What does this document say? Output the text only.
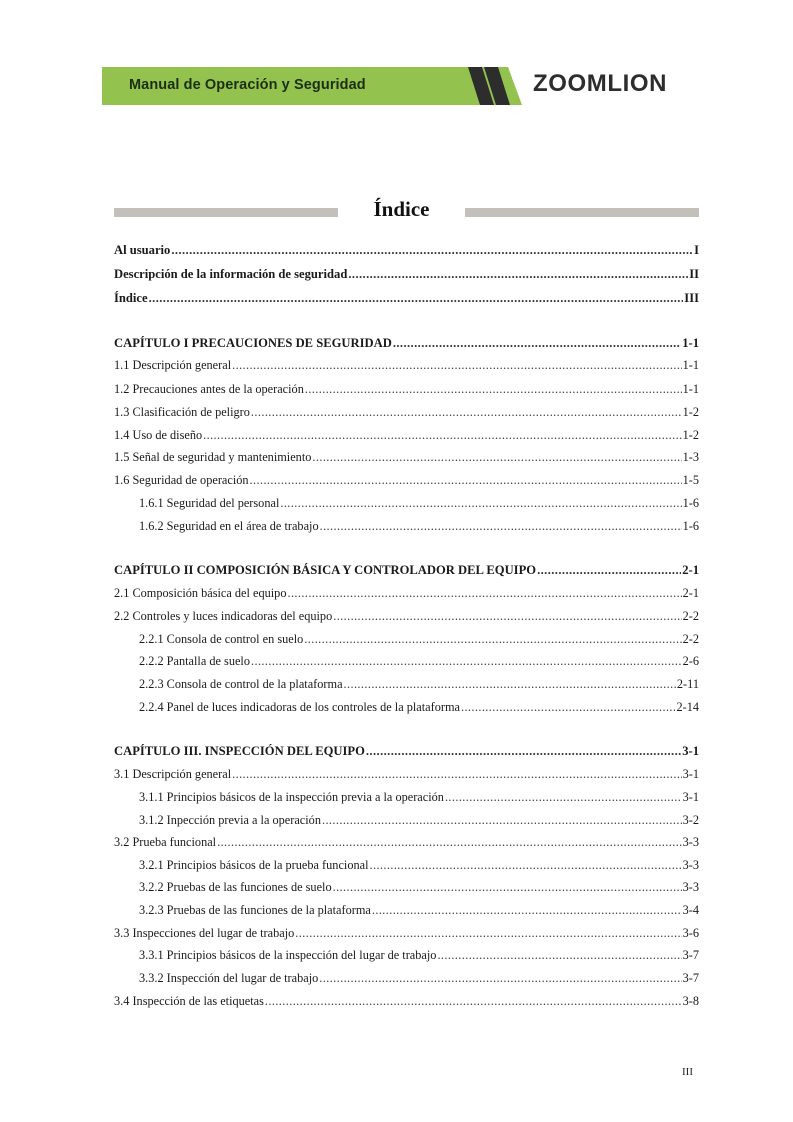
Manual de Operación y Seguridad	ZOOMLION
Índice
Al usuario .....	I
Descripción de la información de seguridad .....	II
Índice .....	III
CAPÍTULO I PRECAUCIONES DE SEGURIDAD .....	1-1
1.1 Descripción general .....	1-1
1.2 Precauciones antes de la operación .....	1-1
1.3 Clasificación de peligro .....	1-2
1.4 Uso de diseño .....	1-2
1.5 Señal de seguridad y mantenimiento .....	1-3
1.6 Seguridad de operación .....	1-5
1.6.1 Seguridad del personal .....	1-6
1.6.2 Seguridad en el área de trabajo .....	1-6
CAPÍTULO II COMPOSICIÓN BÁSICA Y CONTROLADOR DEL EQUIPO .....	2-1
2.1 Composición básica del equipo .....	2-1
2.2 Controles y luces indicadoras del equipo .....	2-2
2.2.1 Consola de control en suelo .....	2-2
2.2.2 Pantalla de suelo .....	2-6
2.2.3 Consola de control de la plataforma .....	2-11
2.2.4 Panel de luces indicadoras de los controles de la plataforma .....	2-14
CAPÍTULO III. INSPECCIÓN DEL EQUIPO .....	3-1
3.1 Descripción general .....	3-1
3.1.1 Principios básicos de la inspección previa a la operación .....	3-1
3.1.2 Inpección previa a la operación .....	3-2
3.2 Prueba funcional .....	3-3
3.2.1 Principios básicos de la prueba funcional .....	3-3
3.2.2 Pruebas de las funciones de suelo .....	3-3
3.2.3 Pruebas de las funciones de la plataforma .....	3-4
3.3 Inspecciones del lugar de trabajo .....	3-6
3.3.1 Principios básicos de la inspección del lugar de trabajo .....	3-7
3.3.2 Inspección del lugar de trabajo .....	3-7
3.4 Inspección de las etiquetas .....	3-8
III
